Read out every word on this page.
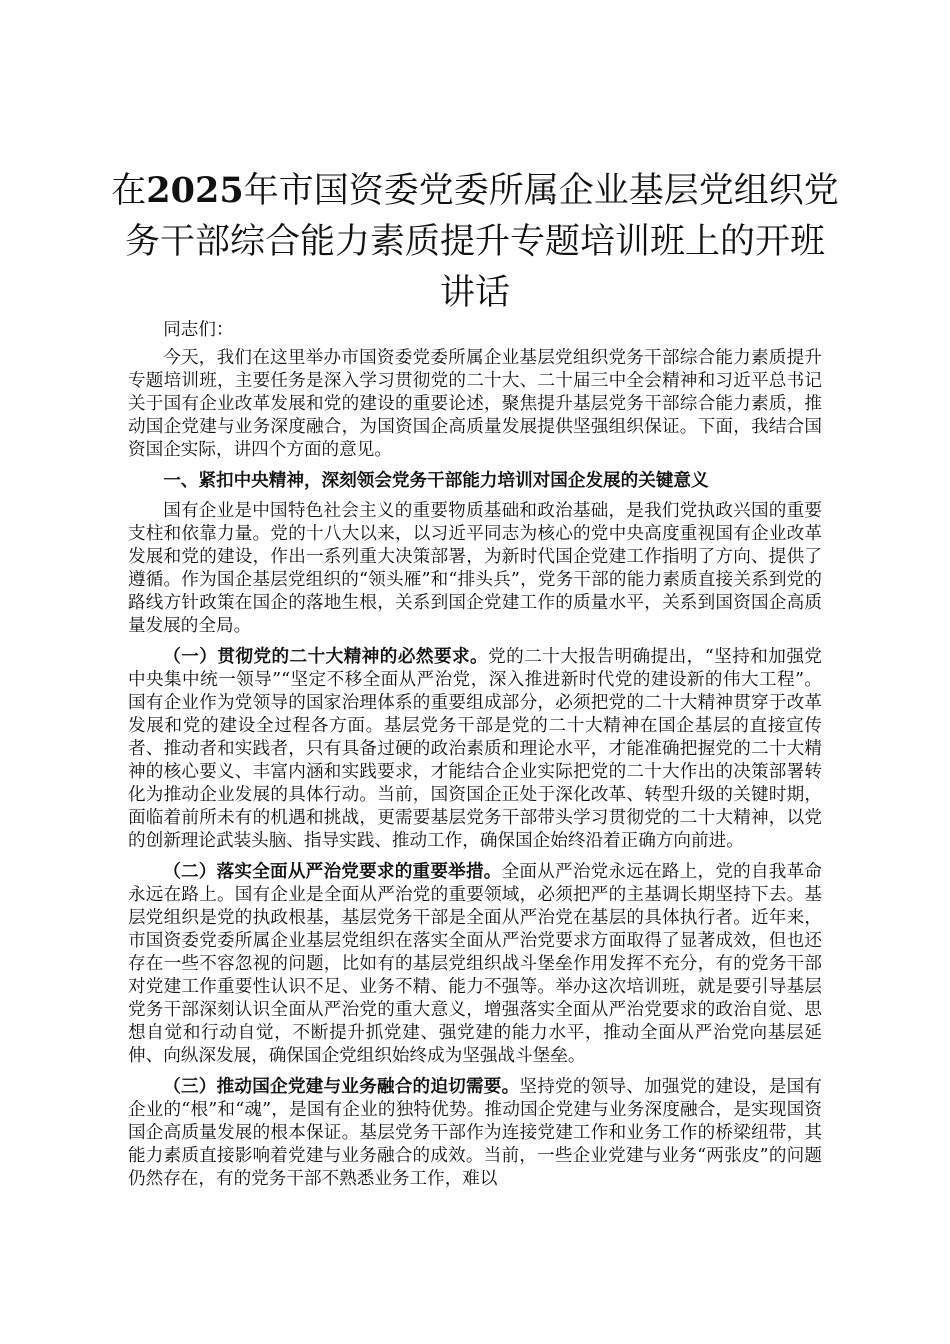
在2025年市国资委党委所属企业基层党组织党务干部综合能力素质提升专题培训班上的开班讲话
同志们：

今天，我们在这里举办市国资委党委所属企业基层党组织党务干部综合能力素质提升专题培训班，主要任务是深入学习贯彻党的二十大、二十届三中全会精神和习近平总书记关于国有企业改革发展和党的建设的重要论述，聚焦提升基层党务干部综合能力素质，推动国企党建与业务深度融合，为国资国企高质量发展提供坚强组织保证。下面，我结合国资国企实际，讲四个方面的意见。

一、紧扣中央精神，深刻领会党务干部能力培训对国企发展的关键意义

国有企业是中国特色社会主义的重要物质基础和政治基础，是我们党执政兴国的重要支柱和依靠力量。党的十八大以来，以习近平同志为核心的党中央高度重视国有企业改革发展和党的建设，作出一系列重大决策部署，为新时代国企党建工作指明了方向、提供了遵循。作为国企基层党组织的“领头雁”和“排头兵”，党务干部的能力素质直接关系到党的路线方针政策在国企的落地生根，关系到国企党建工作的质量水平，关系到国资国企高质量发展的全局。

（一）贯彻党的二十大精神的必然要求。党的二十大报告明确提出，“坚持和加强党中央集中统一领导”“坚定不移全面从严治党，深入推进新时代党的建设新的伟大工程”。国有企业作为党领导的国家治理体系的重要组成部分，必须把党的二十大精神贯穿于改革发展和党的建设全过程各方面。基层党务干部是党的二十大精神在国企基层的直接宣传者、推动者和实践者，只有具备过硬的政治素质和理论水平，才能准确把握党的二十大精神的核心要义、丰富内涵和实践要求，才能结合企业实际把党的二十大作出的决策部署转化为推动企业发展的具体行动。当前，国资国企正处于深化改革、转型升级的关键时期，面临着前所未有的机遇和挑战，更需要基层党务干部带头学习贯彻党的二十大精神，以党的创新理论武装头脑、指导实践、推动工作，确保国企始终沿着正确方向前进。

（二）落实全面从严治党要求的重要举措。全面从严治党永远在路上，党的自我革命永远在路上。国有企业是全面从严治党的重要领域，必须把严的主基调长期坚持下去。基层党组织是党的执政根基，基层党务干部是全面从严治党在基层的具体执行者。近年来，市国资委党委所属企业基层党组织在落实全面从严治党要求方面取得了显著成效，但也还存在一些不容忽视的问题，比如有的基层党组织战斗堡垒作用发挥不充分，有的党务干部对党建工作重要性认识不足、业务不精、能力不强等。举办这次培训班，就是要引导基层党务干部深刻认识全面从严治党的重大意义，增强落实全面从严治党要求的政治自觉、思想自觉和行动自觉，不断提升抓党建、强党建的能力水平，推动全面从严治党向基层延伸、向纵深发展，确保国企党组织始终成为坚强战斗堡垒。

（三）推动国企党建与业务融合的迫切需要。坚持党的领导、加强党的建设，是国有企业的“根”和“魂”，是国有企业的独特优势。推动国企党建与业务深度融合，是实现国资国企高质量发展的根本保证。基层党务干部作为连接党建工作和业务工作的桥梁纽带，其能力素质直接影响着党建与业务融合的成效。当前，一些企业党建与业务“两张皮”的问题仍然存在，有的党务干部不熟悉业务工作，难以
